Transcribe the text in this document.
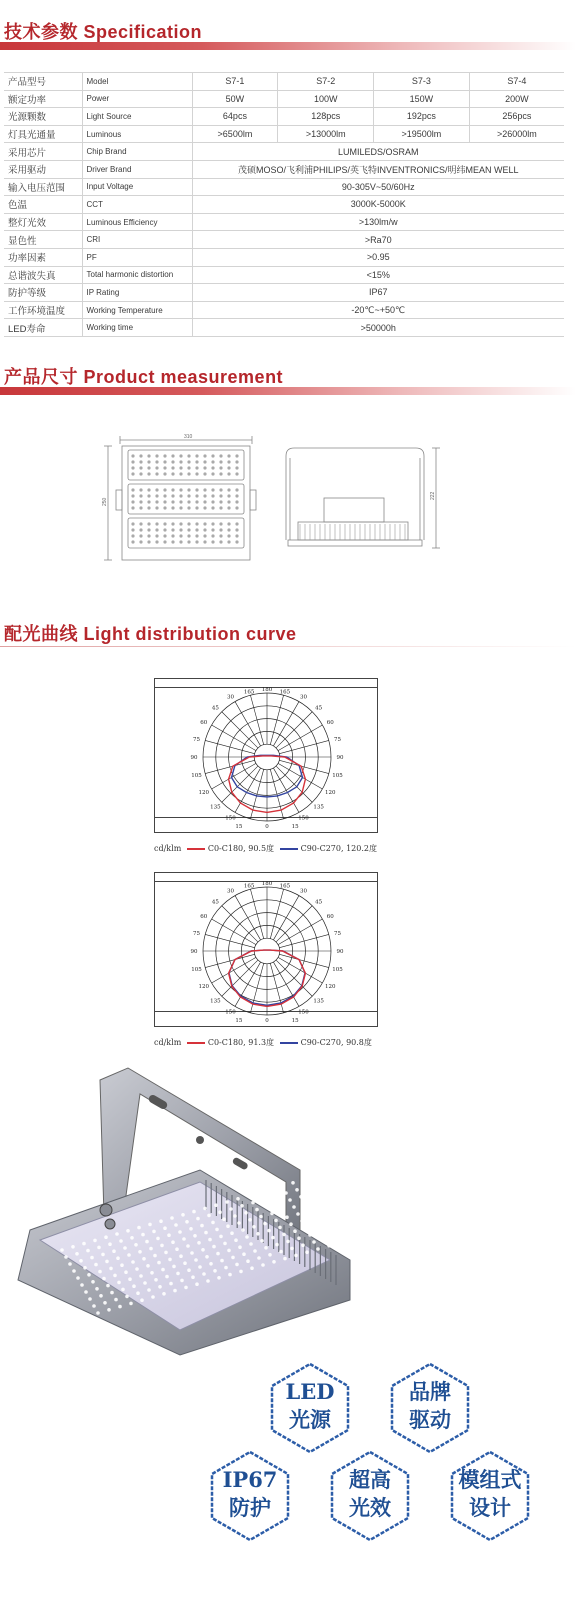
技术参数 Specification
产品型号	Model	S7-1	S7-2	S7-3	S7-4
额定功率	Power	50W	100W	150W	200W
光源颗数	Light Source	64pcs	128pcs	192pcs	256pcs
灯具光通量	Luminous	>6500lm	>13000lm	>19500lm	>26000lm
采用芯片	Chip Brand	LUMILEDS/OSRAM			
采用驱动	Driver Brand	茂硕MOSO/飞利浦PHILIPS/英飞特INVENTRONICS/明纬MEAN WELL			
输入电压范围	Input Voltage	90-305V~50/60Hz			
色温	CCT	3000K-5000K			
整灯光效	Luminous Efficiency	>130lm/w			
显色性	CRI	>Ra70			
功率因素	PF	>0.95			
总谐波失真	Total harmonic distortion	<15%			
防护等级	IP Rating	IP67			
工作环境温度	Working Temperature	-20℃~+50℃			
LED寿命	Working time	>50000h			
产品尺寸 Product measurement
310
250
222
配光曲线 Light distribution curve
165
180
165
150
135
120
105
90
75
60
45
30
150
135
120
105
90
75
60
45
30
15	0	15
cd/klm	C0-C180, 90.5度	C90-C270, 120.2度
165
180
165
150
135
120
105
90
75
60
45
30
150
135
120
105
90
75
60
45
30
15	0	15
cd/klm	C0-C180, 91.3度	C90-C270, 90.8度
LED
光源
品牌
驱动
IP67
防护
超高
光效
模组式
设计
